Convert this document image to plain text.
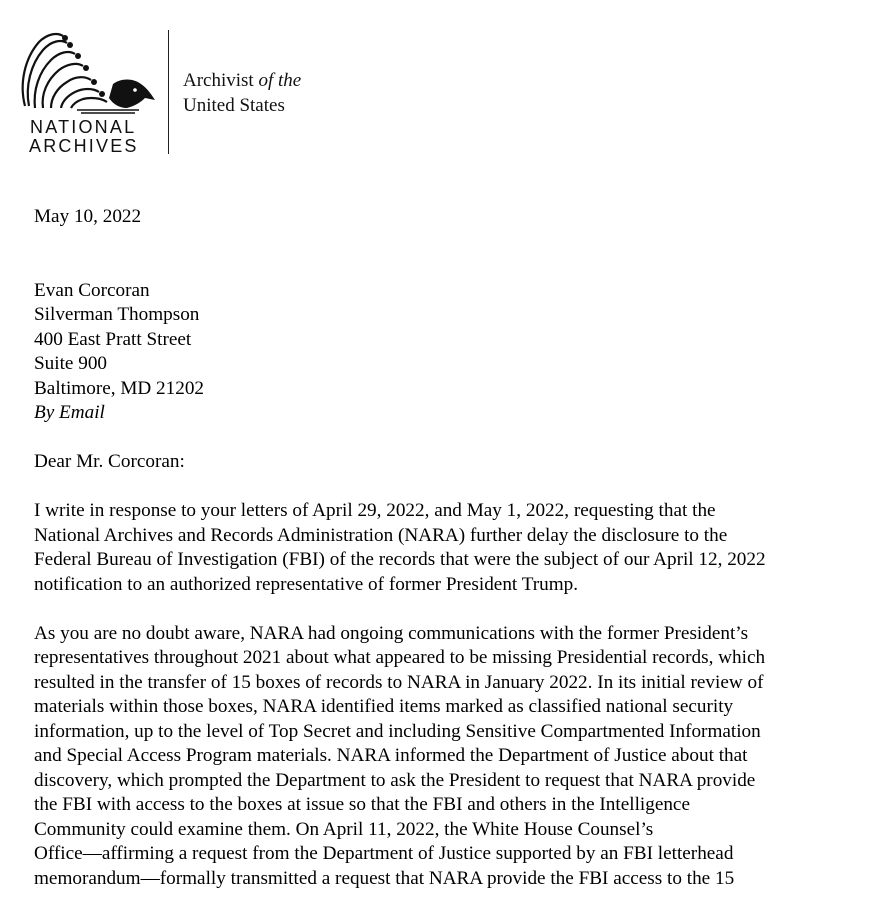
NATIONAL
ARCHIVES
Archivist of the
United States

May 10, 2022

Evan Corcoran
Silverman Thompson
400 East Pratt Street
Suite 900
Baltimore, MD 21202
By Email

Dear Mr. Corcoran:

I write in response to your letters of April 29, 2022, and May 1, 2022, requesting that the
National Archives and Records Administration (NARA) further delay the disclosure to the
Federal Bureau of Investigation (FBI) of the records that were the subject of our April 12, 2022
notification to an authorized representative of former President Trump.

As you are no doubt aware, NARA had ongoing communications with the former President’s
representatives throughout 2021 about what appeared to be missing Presidential records, which
resulted in the transfer of 15 boxes of records to NARA in January 2022. In its initial review of
materials within those boxes, NARA identified items marked as classified national security
information, up to the level of Top Secret and including Sensitive Compartmented Information
and Special Access Program materials. NARA informed the Department of Justice about that
discovery, which prompted the Department to ask the President to request that NARA provide
the FBI with access to the boxes at issue so that the FBI and others in the Intelligence
Community could examine them. On April 11, 2022, the White House Counsel’s
Office—affirming a request from the Department of Justice supported by an FBI letterhead
memorandum—formally transmitted a request that NARA provide the FBI access to the 15
